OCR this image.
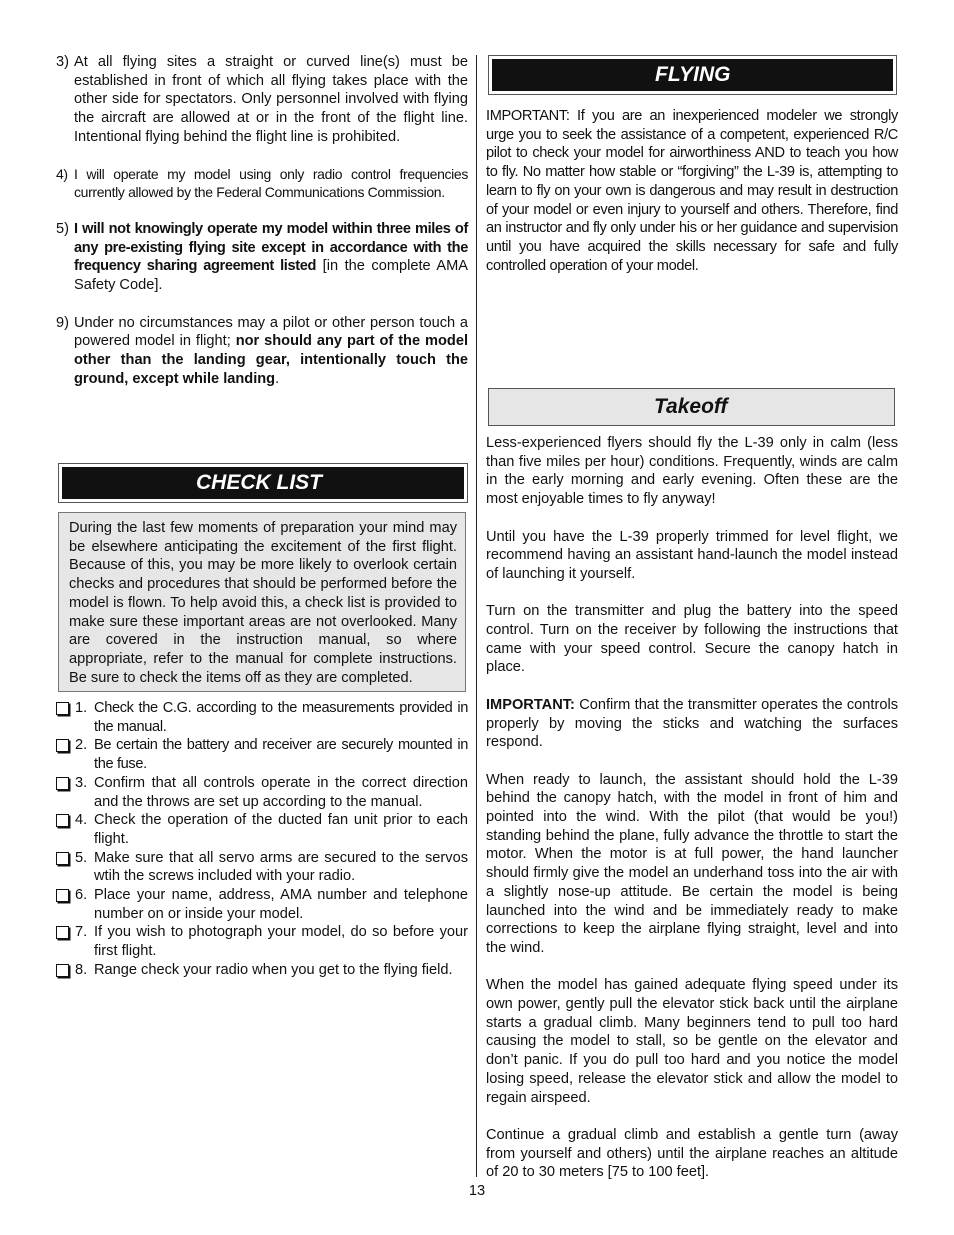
3) At all flying sites a straight or curved line(s) must be established in front of which all flying takes place with the other side for spectators. Only personnel involved with flying the aircraft are allowed at or in the front of the flight line. Intentional flying behind the flight line is prohibited.
4) I will operate my model using only radio control frequencies currently allowed by the Federal Communications Commission.
5) I will not knowingly operate my model within three miles of any pre-existing flying site except in accordance with the frequency sharing agreement listed [in the complete AMA Safety Code].
9) Under no circumstances may a pilot or other person touch a powered model in flight; nor should any part of the model other than the landing gear, intentionally touch the ground, except while landing.
CHECK LIST

During the last few moments of preparation your mind may be elsewhere anticipating the excitement of the first flight. Because of this, you may be more likely to overlook certain checks and procedures that should be performed before the model is flown. To help avoid this, a check list is provided to make sure these important areas are not overlooked. Many are covered in the instruction manual, so where appropriate, refer to the manual for complete instructions. Be sure to check the items off as they are completed.

1. Check the C.G. according to the measurements provided in the manual.
2. Be certain the battery and receiver are securely mounted in the fuse.
3. Confirm that all controls operate in the correct direction and the throws are set up according to the manual.
4. Check the operation of the ducted fan unit prior to each flight.
5. Make sure that all servo arms are secured to the servos wtih the screws included with your radio.
6. Place your name, address, AMA number and telephone number on or inside your model.
7. If you wish to photograph your model, do so before your first flight.
8. Range check your radio when you get to the flying field.
FLYING

IMPORTANT: If you are an inexperienced modeler we strongly urge you to seek the assistance of a competent, experienced R/C pilot to check your model for airworthiness AND to teach you how to fly. No matter how stable or “forgiving” the L-39 is, attempting to learn to fly on your own is dangerous and may result in destruction of your model or even injury to yourself and others. Therefore, find an instructor and fly only under his or her guidance and supervision until you have acquired the skills necessary for safe and fully controlled operation of your model.

Takeoff

Less-experienced flyers should fly the L-39 only in calm (less than five miles per hour) conditions. Frequently, winds are calm in the early morning and early evening. Often these are the most enjoyable times to fly anyway!

Until you have the L-39 properly trimmed for level flight, we recommend having an assistant hand-launch the model instead of launching it yourself.

Turn on the transmitter and plug the battery into the speed control. Turn on the receiver by following the instructions that came with your speed control. Secure the canopy hatch in place.

IMPORTANT: Confirm that the transmitter operates the controls properly by moving the sticks and watching the surfaces respond.

When ready to launch, the assistant should hold the L-39 behind the canopy hatch, with the model in front of him and pointed into the wind. With the pilot (that would be you!) standing behind the plane, fully advance the throttle to start the motor. When the motor is at full power, the hand launcher should firmly give the model an underhand toss into the air with a slightly nose-up attitude. Be certain the model is being launched into the wind and be immediately ready to make corrections to keep the airplane flying straight, level and into the wind.

When the model has gained adequate flying speed under its own power, gently pull the elevator stick back until the airplane starts a gradual climb. Many beginners tend to pull too hard causing the model to stall, so be gentle on the elevator and don’t panic. If you do pull too hard and you notice the model losing speed, release the elevator stick and allow the model to regain airspeed.

Continue a gradual climb and establish a gentle turn (away from yourself and others) until the airplane reaches an altitude of 20 to 30 meters [75 to 100 feet].

13
